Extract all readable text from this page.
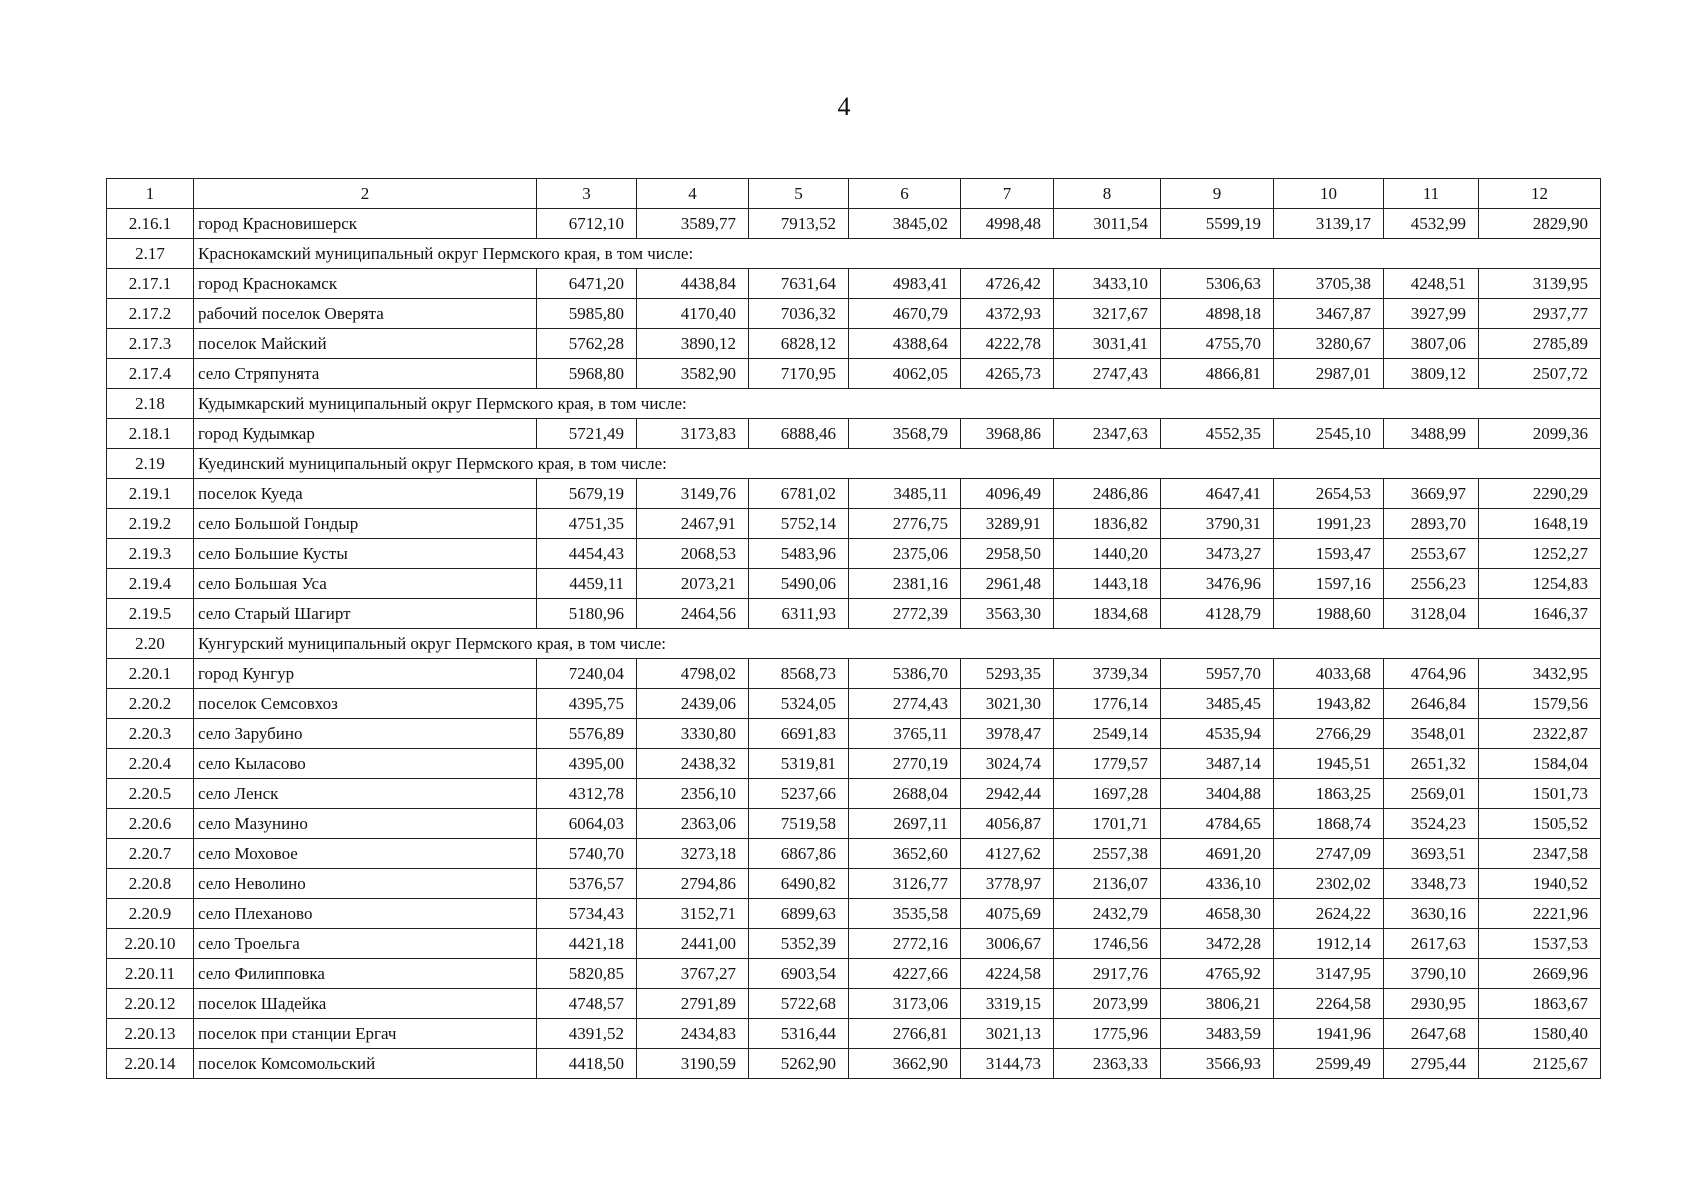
4
1	2	3	4	5	6	7	8	9	10	11	12
2.16.1	город Красновишерск	6712,10	3589,77	7913,52	3845,02	4998,48	3011,54	5599,19	3139,17	4532,99	2829,90
2.17	Краснокамский муниципальный округ Пермского края, в том числе:										
2.17.1	город Краснокамск	6471,20	4438,84	7631,64	4983,41	4726,42	3433,10	5306,63	3705,38	4248,51	3139,95
2.17.2	рабочий поселок Оверята	5985,80	4170,40	7036,32	4670,79	4372,93	3217,67	4898,18	3467,87	3927,99	2937,77
2.17.3	поселок Майский	5762,28	3890,12	6828,12	4388,64	4222,78	3031,41	4755,70	3280,67	3807,06	2785,89
2.17.4	село Стряпунята	5968,80	3582,90	7170,95	4062,05	4265,73	2747,43	4866,81	2987,01	3809,12	2507,72
2.18	Кудымкарский муниципальный округ Пермского края, в том числе:										
2.18.1	город Кудымкар	5721,49	3173,83	6888,46	3568,79	3968,86	2347,63	4552,35	2545,10	3488,99	2099,36
2.19	Куединский муниципальный округ Пермского края, в том числе:										
2.19.1	поселок Куеда	5679,19	3149,76	6781,02	3485,11	4096,49	2486,86	4647,41	2654,53	3669,97	2290,29
2.19.2	село Большой Гондыр	4751,35	2467,91	5752,14	2776,75	3289,91	1836,82	3790,31	1991,23	2893,70	1648,19
2.19.3	село Большие Кусты	4454,43	2068,53	5483,96	2375,06	2958,50	1440,20	3473,27	1593,47	2553,67	1252,27
2.19.4	село Большая Уса	4459,11	2073,21	5490,06	2381,16	2961,48	1443,18	3476,96	1597,16	2556,23	1254,83
2.19.5	село Старый Шагирт	5180,96	2464,56	6311,93	2772,39	3563,30	1834,68	4128,79	1988,60	3128,04	1646,37
2.20	Кунгурский муниципальный округ Пермского края, в том числе:										
2.20.1	город Кунгур	7240,04	4798,02	8568,73	5386,70	5293,35	3739,34	5957,70	4033,68	4764,96	3432,95
2.20.2	поселок Семсовхоз	4395,75	2439,06	5324,05	2774,43	3021,30	1776,14	3485,45	1943,82	2646,84	1579,56
2.20.3	село Зарубино	5576,89	3330,80	6691,83	3765,11	3978,47	2549,14	4535,94	2766,29	3548,01	2322,87
2.20.4	село Кыласово	4395,00	2438,32	5319,81	2770,19	3024,74	1779,57	3487,14	1945,51	2651,32	1584,04
2.20.5	село Ленск	4312,78	2356,10	5237,66	2688,04	2942,44	1697,28	3404,88	1863,25	2569,01	1501,73
2.20.6	село Мазунино	6064,03	2363,06	7519,58	2697,11	4056,87	1701,71	4784,65	1868,74	3524,23	1505,52
2.20.7	село Моховое	5740,70	3273,18	6867,86	3652,60	4127,62	2557,38	4691,20	2747,09	3693,51	2347,58
2.20.8	село Неволино	5376,57	2794,86	6490,82	3126,77	3778,97	2136,07	4336,10	2302,02	3348,73	1940,52
2.20.9	село Плеханово	5734,43	3152,71	6899,63	3535,58	4075,69	2432,79	4658,30	2624,22	3630,16	2221,96
2.20.10	село Троельга	4421,18	2441,00	5352,39	2772,16	3006,67	1746,56	3472,28	1912,14	2617,63	1537,53
2.20.11	село Филипповка	5820,85	3767,27	6903,54	4227,66	4224,58	2917,76	4765,92	3147,95	3790,10	2669,96
2.20.12	поселок Шадейка	4748,57	2791,89	5722,68	3173,06	3319,15	2073,99	3806,21	2264,58	2930,95	1863,67
2.20.13	поселок при станции Ергач	4391,52	2434,83	5316,44	2766,81	3021,13	1775,96	3483,59	1941,96	2647,68	1580,40
2.20.14	поселок Комсомольский	4418,50	3190,59	5262,90	3662,90	3144,73	2363,33	3566,93	2599,49	2795,44	2125,67
